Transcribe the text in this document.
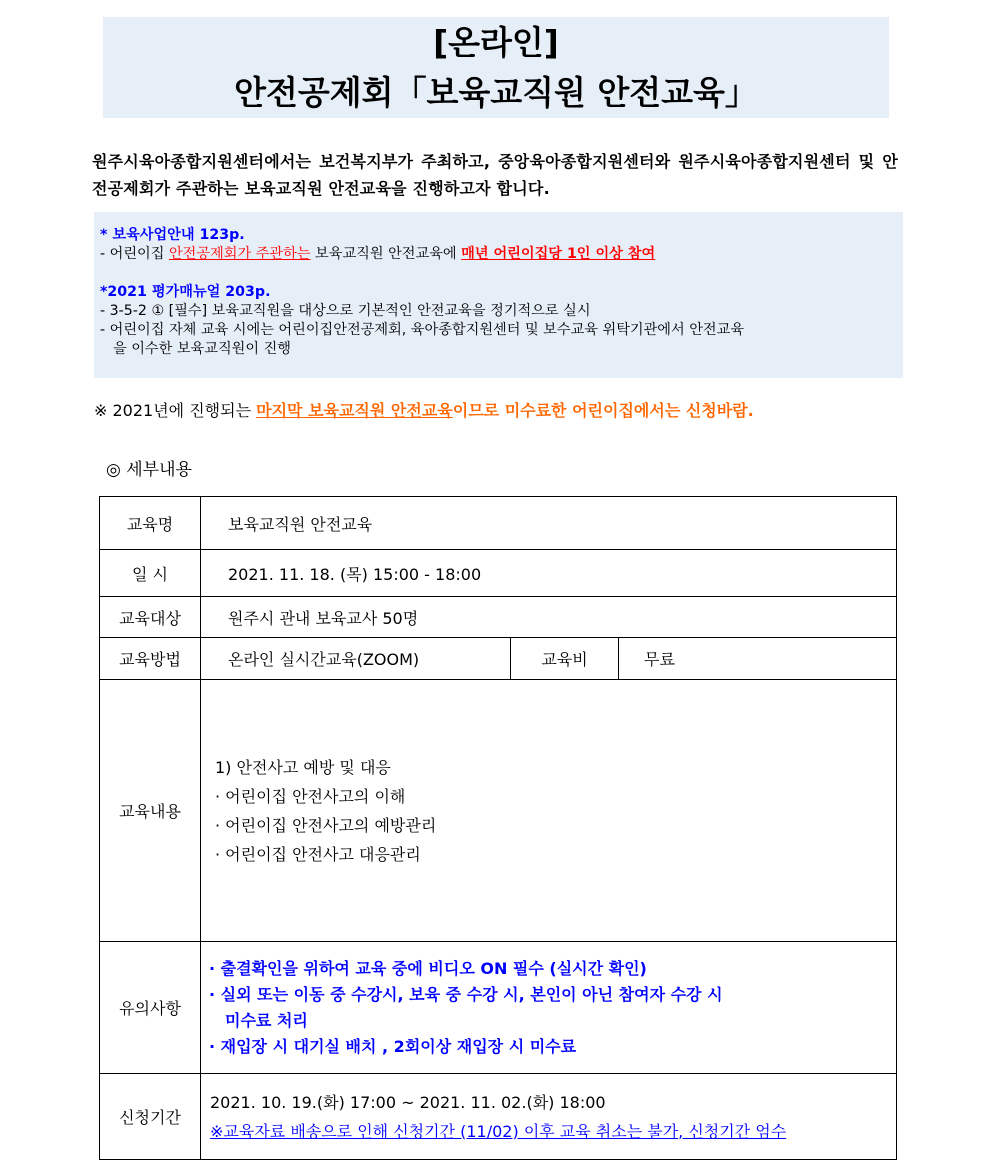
[온라인]
안전공제회「보육교직원 안전교육」
원주시육아종합지원센터에서는 보건복지부가 주최하고, 중앙육아종합지원센터와 원주시육아종합지원센터 및 안전공제회가 주관하는 보육교직원 안전교육을 진행하고자 합니다.
* 보육사업안내 123p.
- 어린이집 안전공제회가 주관하는 보육교직원 안전교육에 매년 어린이집당 1인 이상 참여
*2021 평가매뉴얼 203p.
- 3-5-2 ① [필수] 보육교직원을 대상으로 기본적인 안전교육을 정기적으로 실시
- 어린이집 자체 교육 시에는 어린이집안전공제회, 육아종합지원센터 및 보수교육 위탁기관에서 안전교육
을 이수한 보육교직원이 진행
※ 2021년에 진행되는 마지막 보육교직원 안전교육이므로 미수료한 어린이집에서는 신청바람.
◎ 세부내용
교육명	보육교직원 안전교육		
일 시	2021. 11. 18. (목) 15:00 - 18:00		
교육대상	원주시 관내 보육교사 50명		
교육방법	온라인 실시간교육(ZOOM)	교육비	무료
교육내용	1) 안전사고 예방 및 대응
· 어린이집 안전사고의 이해
· 어린이집 안전사고의 예방관리
· 어린이집 안전사고 대응관리		

유의사항	· 출결확인을 위하여 교육 중에 비디오 ON 필수 (실시간 확인)
· 실외 또는 이동 중 수강시, 보육 중 수강 시, 본인이 아닌 참여자 수강 시
미수료 처리
· 재입장 시 대기실 배치 , 2회이상 재입장 시 미수료		

신청기간	2021. 10. 19.(화) 17:00 ~ 2021. 11. 02.(화) 18:00
※교육자료 배송으로 인해 신청기간 (11/02) 이후 교육 취소는 불가, 신청기간 엄수		
